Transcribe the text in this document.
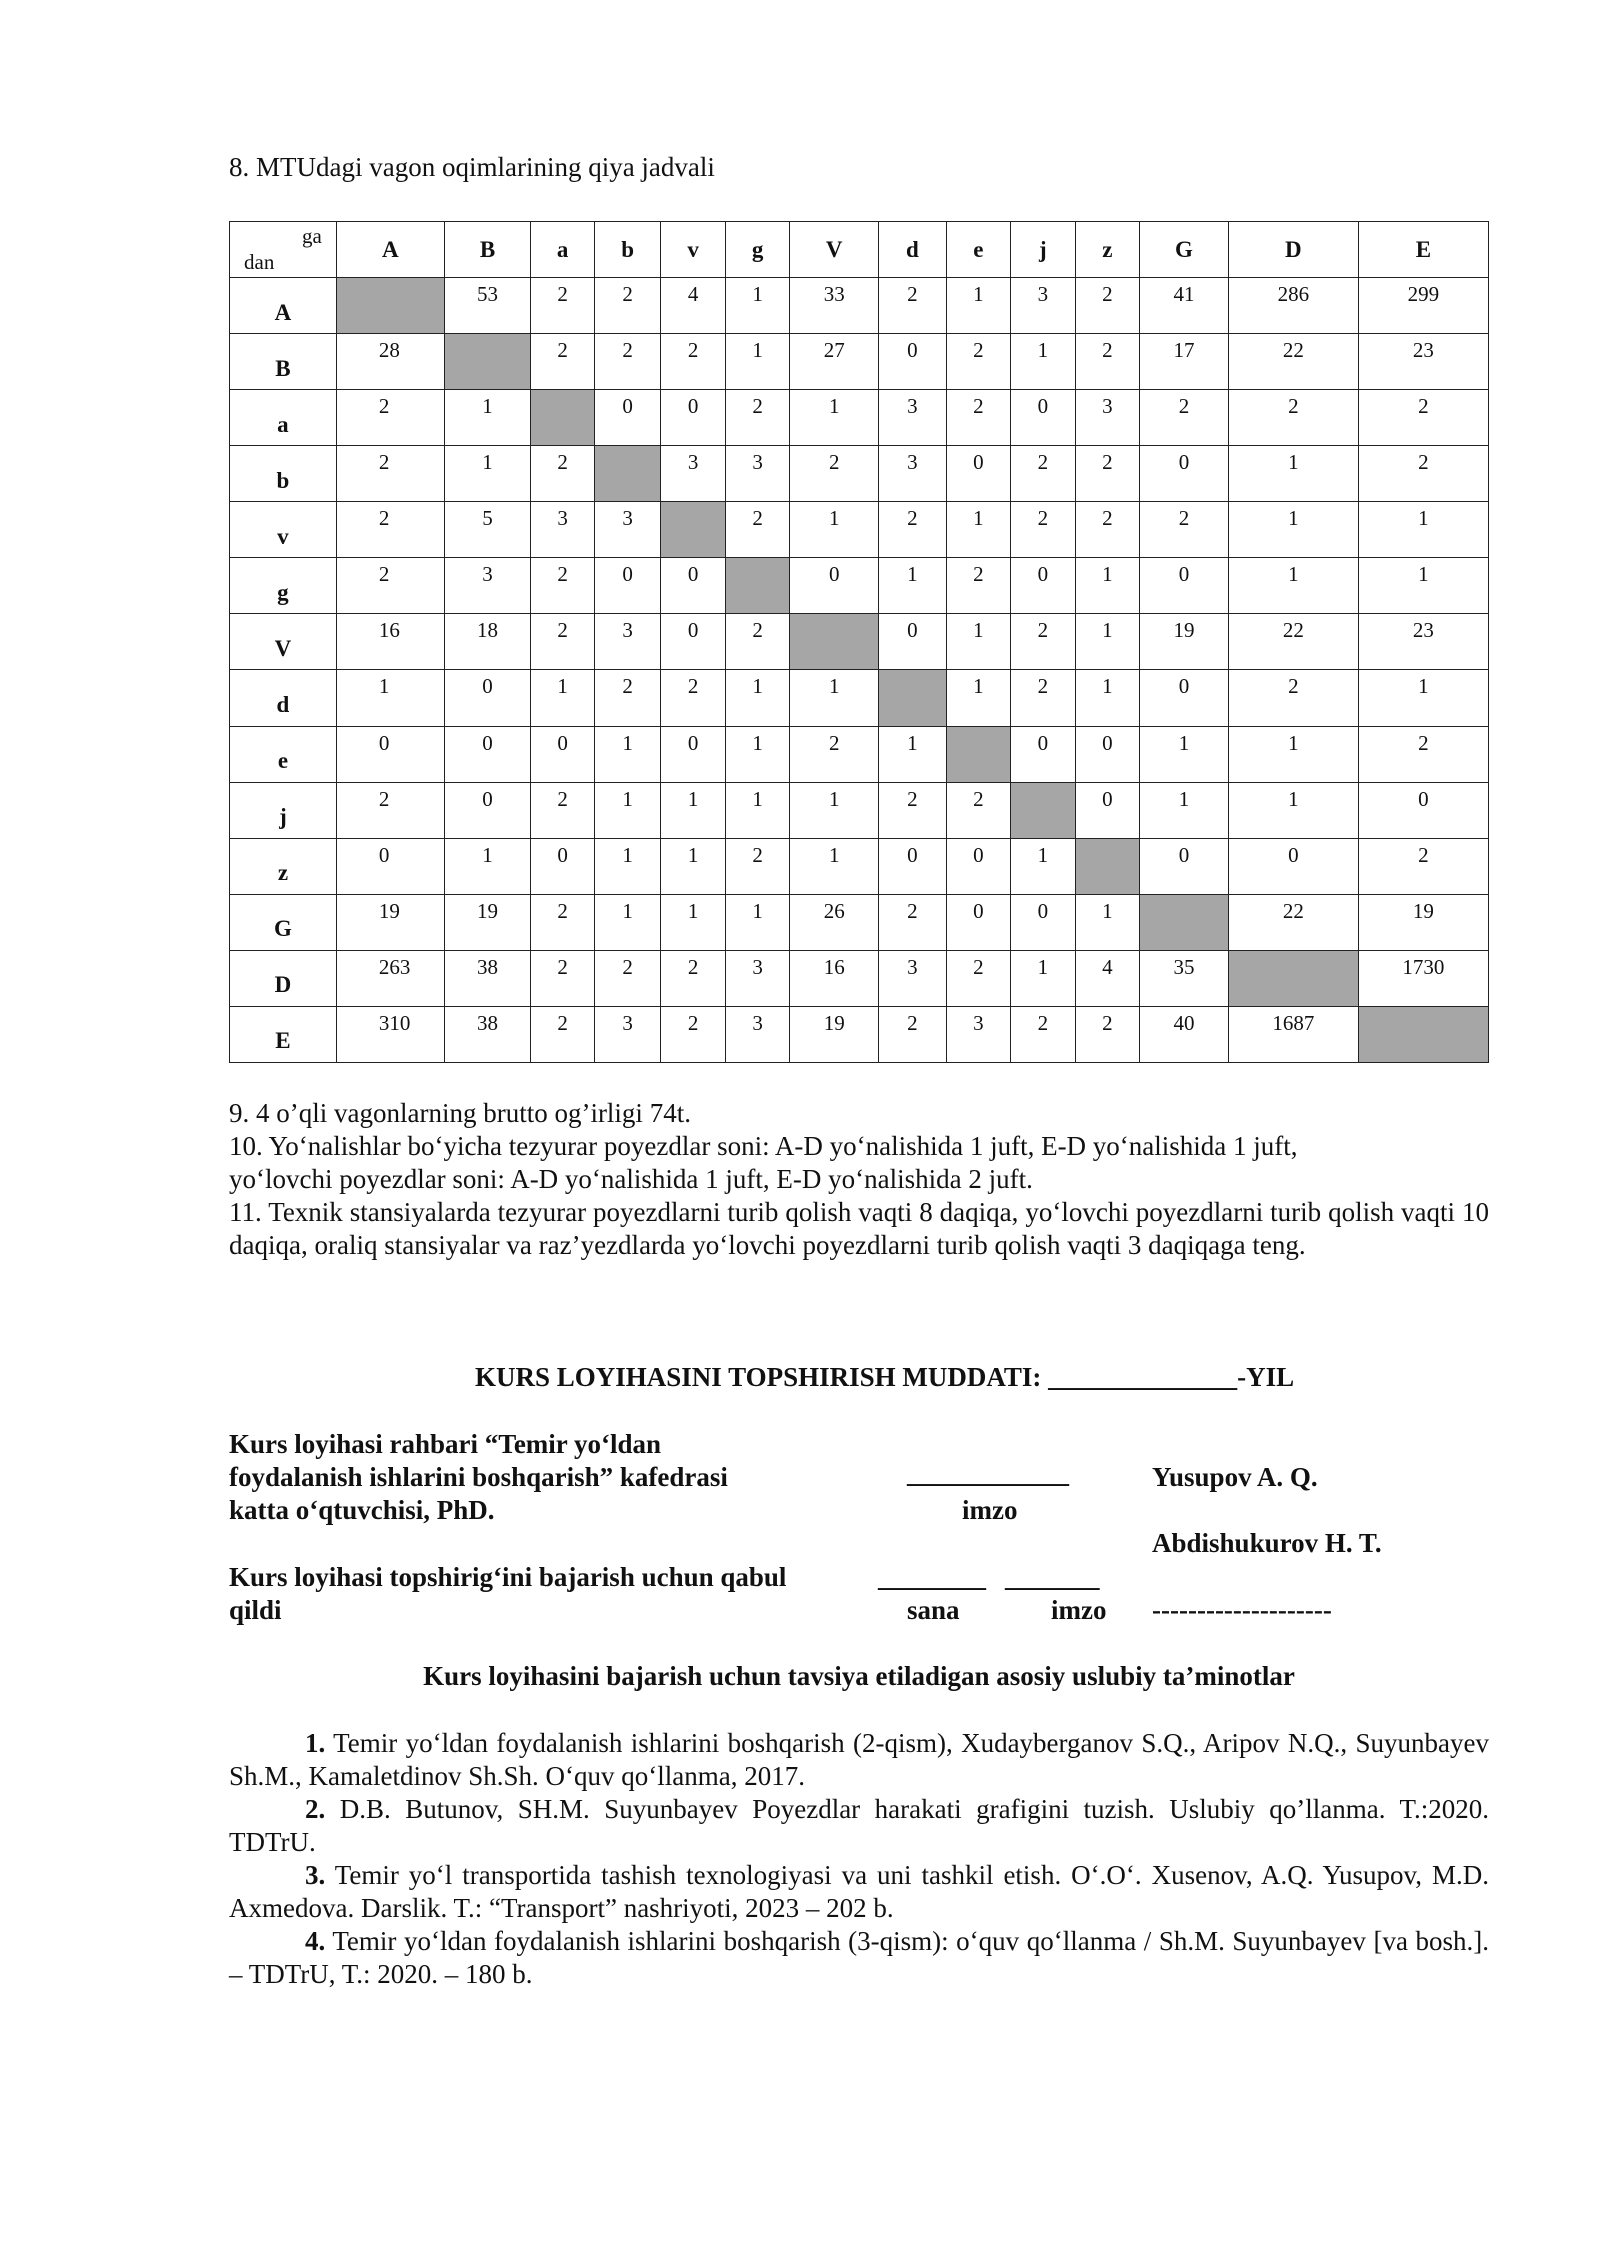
8. MTUdagi vagon oqimlarining qiya jadvali
ga
dan	A	B	a	b	v	g	V	d	e	j	z	G	D	E
A		53	2	2	4	1	33	2	1	3	2	41	286	299
B	28		2	2	2	1	27	0	2	1	2	17	22	23
a	2	1		0	0	2	1	3	2	0	3	2	2	2
b	2	1	2		3	3	2	3	0	2	2	0	1	2
v	2	5	3	3		2	1	2	1	2	2	2	1	1
g	2	3	2	0	0		0	1	2	0	1	0	1	1
V	16	18	2	3	0	2		0	1	2	1	19	22	23
d	1	0	1	2	2	1	1		1	2	1	0	2	1
e	0	0	0	1	0	1	2	1		0	0	1	1	2
j	2	0	2	1	1	1	1	2	2		0	1	1	0
z	0	1	0	1	1	2	1	0	0	1		0	0	2
G	19	19	2	1	1	1	26	2	0	0	1		22	19
D	263	38	2	2	2	3	16	3	2	1	4	35		1730
E	310	38	2	3	2	3	19	2	3	2	2	40	1687	
9. 4 o’qli vagonlarning brutto og’irligi 74t.
10. Yo‘nalishlar bo‘yicha tezyurar poyezdlar soni: A-D yo‘nalishida 1 juft, E-D yo‘nalishida 1 juft,
yo‘lovchi poyezdlar soni: A-D yo‘nalishida 1 juft, E-D yo‘nalishida 2 juft.
11. Texnik stansiyalarda tezyurar poyezdlarni turib qolish vaqti 8 daqiqa, yo‘lovchi poyezdlarni turib qolish vaqti 10 daqiqa, oraliq stansiyalar va raz’yezdlarda yo‘lovchi poyezdlarni turib qolish vaqti 3 daqiqaga teng.
KURS LOYIHASINI TOPSHIRISH MUDDATI: ______________-YIL
Kurs loyihasi rahbari “Temir yo‘ldan
foydalanish ishlarini boshqarish” kafedrasi
katta o‘qtuvchisi, PhD.
____________
imzo
Yusupov A. Q.
Abdishukurov H. T.
Kurs loyihasi topshirig‘ini bajarish uchun qabul
qildi
________ _______
sana	imzo --------------------
Kurs loyihasini bajarish uchun tavsiya etiladigan asosiy uslubiy ta’minotlar

1. Temir yo‘ldan foydalanish ishlarini boshqarish (2-qism), Xudayberganov S.Q., Aripov N.Q., Suyunbayev Sh.M., Kamaletdinov Sh.Sh. O‘quv qo‘llanma, 2017.

2. D.B. Butunov, SH.M. Suyunbayev Poyezdlar harakati grafigini tuzish. Uslubiy qo’llanma. T.:2020. TDTrU.

3. Temir yo‘l transportida tashish texnologiyasi va uni tashkil etish. O‘.O‘. Xusenov, A.Q. Yusupov, M.D. Axmedova. Darslik. T.: “Transport” nashriyoti, 2023 – 202 b.

4. Temir yo‘ldan foydalanish ishlarini boshqarish (3-qism): o‘quv qo‘llanma / Sh.M. Suyunbayev [va bosh.]. – TDTrU, T.: 2020. – 180 b.
